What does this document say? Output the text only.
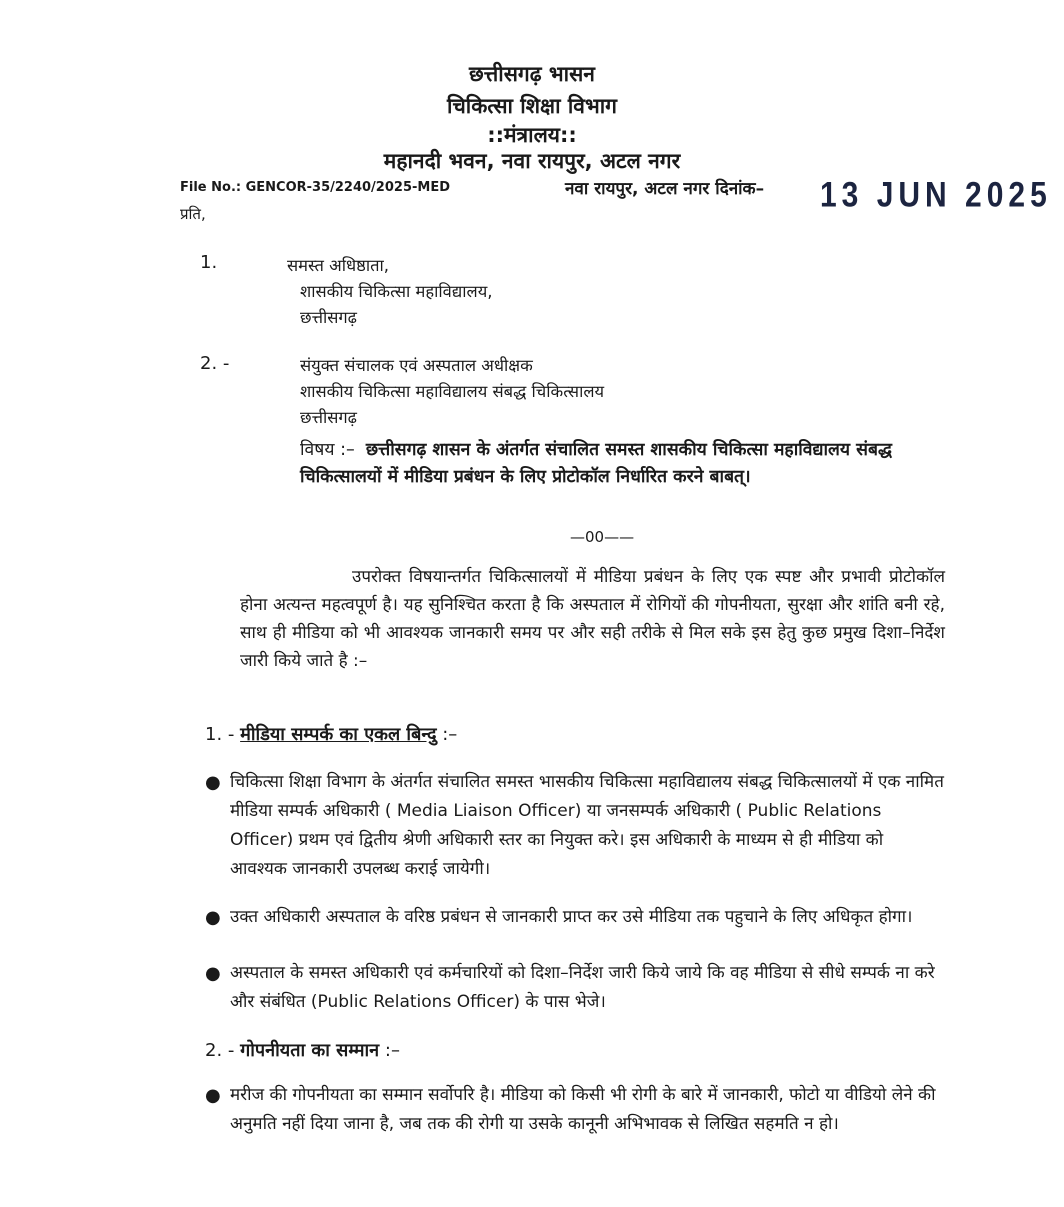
छत्तीसगढ़ भासन
चिकित्सा शिक्षा विभाग
::मंत्रालय::
महानदी भवन, नवा रायपुर, अटल नगर
File No.: GENCOR-35/2240/2025-MED	नवा रायपुर, अटल नगर दिनांक– 13 JUN 2025
प्रति,
1.	समस्त अधिष्ठाता,
शासकीय चिकित्सा महाविद्यालय,
छत्तीसगढ़
2. -	संयुक्त संचालक एवं अस्पताल अधीक्षक
शासकीय चिकित्सा महाविद्यालय संबद्ध चिकित्सालय
छत्तीसगढ़
विषय :– छत्तीसगढ़ शासन के अंतर्गत संचालित समस्त शासकीय चिकित्सा महाविद्यालय संबद्ध चिकित्सालयों में मीडिया प्रबंधन के लिए प्रोटोकॉल निर्धारित करने बाबत्।
—00——
उपरोक्त विषयान्तर्गत चिकित्सालयों में मीडिया प्रबंधन के लिए एक स्पष्ट और प्रभावी प्रोटोकॉल होना अत्यन्त महत्वपूर्ण है। यह सुनिश्चित करता है कि अस्पताल में रोगियों की गोपनीयता, सुरक्षा और शांति बनी रहे, साथ ही मीडिया को भी आवश्यक जानकारी समय पर और सही तरीके से मिल सके इस हेतु कुछ प्रमुख दिशा–निर्देश जारी किये जाते है :–
1. - मीडिया सम्पर्क का एकल बिन्दु :–
● चिकित्सा शिक्षा विभाग के अंतर्गत संचालित समस्त भासकीय चिकित्सा महाविद्यालय संबद्ध चिकित्सालयों में एक नामित मीडिया सम्पर्क अधिकारी ( Media Liaison Officer) या जनसम्पर्क अधिकारी ( Public Relations Officer) प्रथम एवं द्वितीय श्रेणी अधिकारी स्तर का नियुक्त करे। इस अधिकारी के माध्यम से ही मीडिया को आवश्यक जानकारी उपलब्ध कराई जायेगी।
● उक्त अधिकारी अस्पताल के वरिष्ठ प्रबंधन से जानकारी प्राप्त कर उसे मीडिया तक पहुचाने के लिए अधिकृत होगा।
● अस्पताल के समस्त अधिकारी एवं कर्मचारियों को दिशा–निर्देश जारी किये जाये कि वह मीडिया से सीधे सम्पर्क ना करे और संबंधित (Public Relations Officer) के पास भेजे।
2. - गोपनीयता का सम्मान :–
● मरीज की गोपनीयता का सम्मान सर्वोपरि है। मीडिया को किसी भी रोगी के बारे में जानकारी, फोटो या वीडियो लेने की अनुमति नहीं दिया जाना है, जब तक की रोगी या उसके कानूनी अभिभावक से लिखित सहमति न हो।
